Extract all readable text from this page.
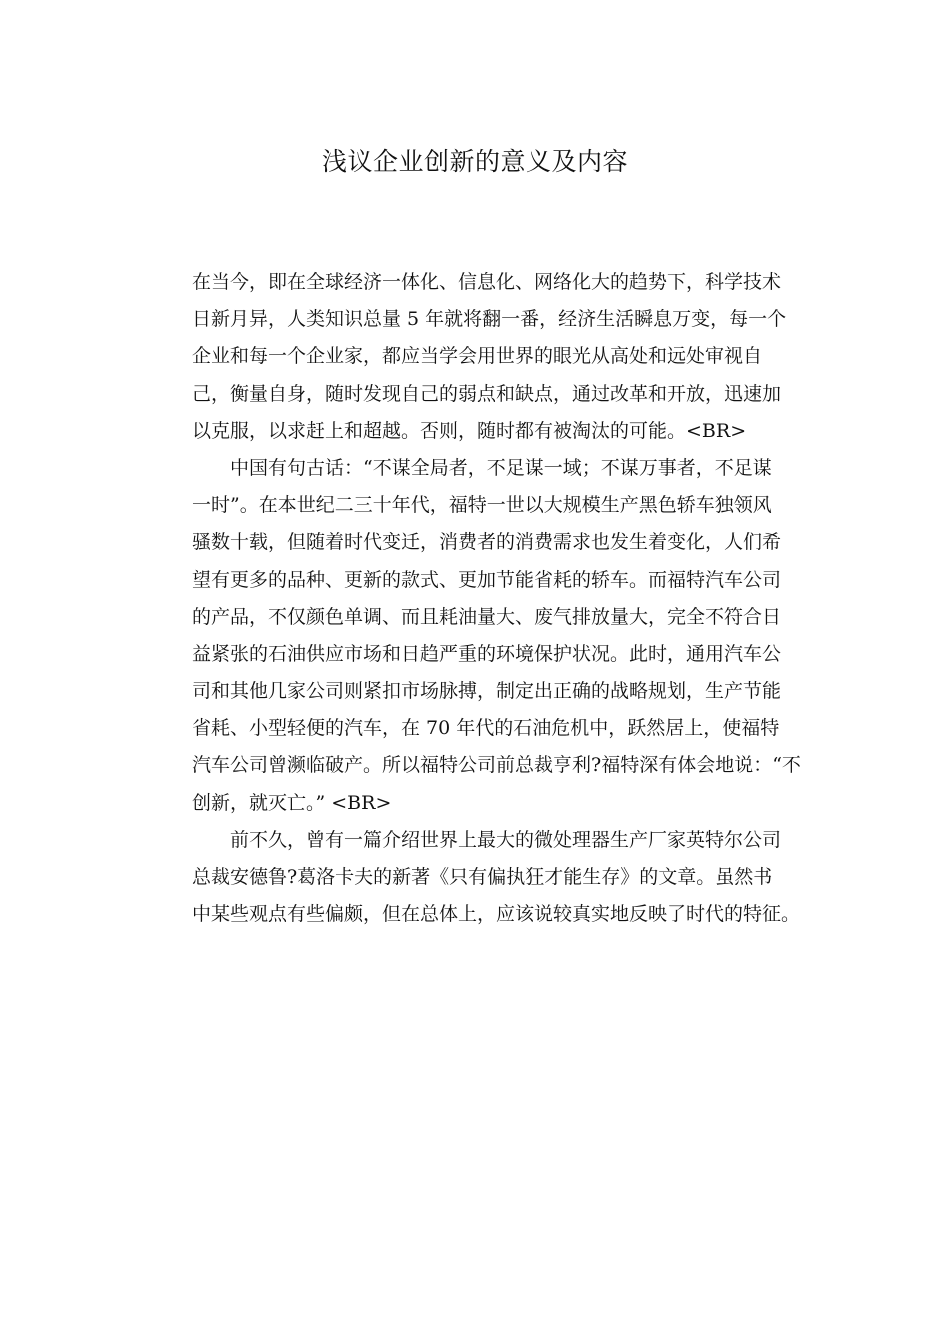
浅议企业创新的意义及内容
在当今，即在全球经济一体化、信息化、网络化大的趋势下，科学技术
日新月异，人类知识总量 5 年就将翻一番，经济生活瞬息万变，每一个
企业和每一个企业家，都应当学会用世界的眼光从高处和远处审视自
己，衡量自身，随时发现自己的弱点和缺点，通过改革和开放，迅速加
以克服，以求赶上和超越。否则，随时都有被淘汰的可能。<BR>
中国有句古话：“不谋全局者，不足谋一域；不谋万事者，不足谋
一时”。在本世纪二三十年代，福特一世以大规模生产黑色轿车独领风
骚数十载，但随着时代变迁，消费者的消费需求也发生着变化，人们希
望有更多的品种、更新的款式、更加节能省耗的轿车。而福特汽车公司
的产品，不仅颜色单调、而且耗油量大、废气排放量大，完全不符合日
益紧张的石油供应市场和日趋严重的环境保护状况。此时，通用汽车公
司和其他几家公司则紧扣市场脉搏，制定出正确的战略规划，生产节能
省耗、小型轻便的汽车，在 70 年代的石油危机中，跃然居上，使福特
汽车公司曾濒临破产。所以福特公司前总裁亨利?福特深有体会地说：“不
创新，就灭亡。” <BR>
前不久，曾有一篇介绍世界上最大的微处理器生产厂家英特尔公司
总裁安德鲁?葛洛卡夫的新著《只有偏执狂才能生存》的文章。虽然书
中某些观点有些偏颇，但在总体上，应该说较真实地反映了时代的特征。
